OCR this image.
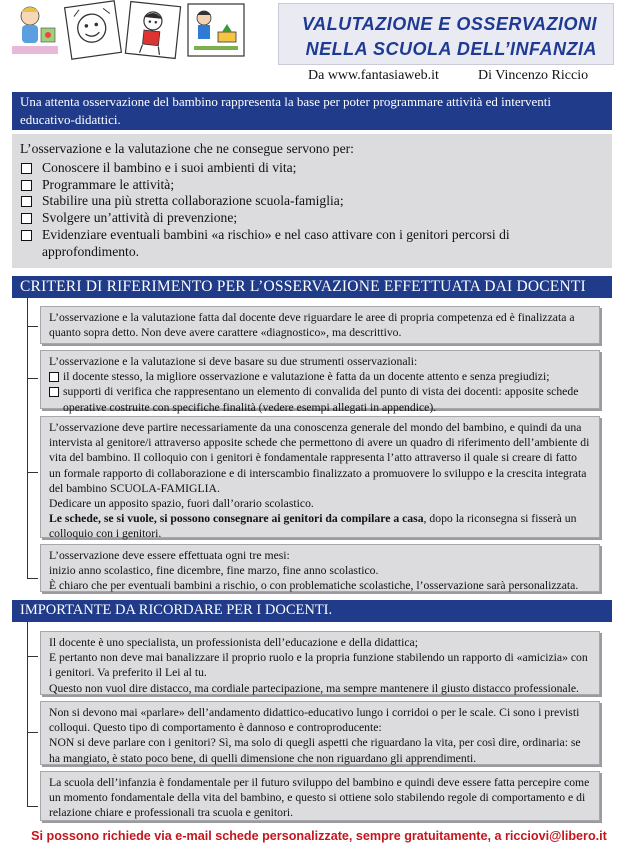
VALUTAZIONE E OSSERVAZIONI
NELLA SCUOLA DELL’INFANZIA
Da www.fantasiaweb.it	Di Vincenzo Riccio
Una attenta osservazione del bambino rappresenta la base per poter programmare attività ed interventi educativo-didattici.
L’osservazione e la valutazione che ne consegue servono per:
Conoscere il bambino e i suoi ambienti di vita;
Programmare le attività;
Stabilire una più stretta collaborazione scuola-famiglia;
Svolgere un’attività di prevenzione;
Evidenziare eventuali bambini «a rischio» e nel caso attivare con i genitori percorsi di approfondimento.
CRITERI DI RIFERIMENTO PER L’OSSERVAZIONE EFFETTUATA DAI DOCENTI

L’osservazione e la valutazione fatta dal docente deve riguardare le aree di propria competenza ed è finalizzata a quanto sopra detto. Non deve avere carattere «diagnostico», ma descrittivo.

L’osservazione e la valutazione si deve basare su due strumenti osservazionali:

il docente stesso, la migliore osservazione e valutazione è fatta da un docente attento e senza pregiudizi;
supporti di verifica che rappresentano un elemento di convalida del punto di vista dei docenti: apposite schede operative costruite con specifiche finalità (vedere esempi allegati in appendice).

L’osservazione deve partire necessariamente da una conoscenza generale del mondo del bambino, e quindi da una intervista al genitore/i attraverso apposite schede che permettono di avere un quadro di riferimento dell’ambiente di vita del bambino. Il colloquio con i genitori è fondamentale rappresenta l’atto attraverso il quale si creare di fatto un formale rapporto di collaborazione e di interscambio finalizzato a promuovere lo sviluppo e la crescita integrata del bambino SCUOLA-FAMIGLIA.

Dedicare un apposito spazio, fuori dall’orario scolastico.

Le schede, se si vuole, si possono consegnare ai genitori da compilare a casa, dopo la riconsegna si fisserà un colloquio con i genitori.

L’osservazione deve essere effettuata ogni tre mesi:

inizio anno scolastico, fine dicembre, fine marzo, fine anno scolastico.

È chiaro che per eventuali bambini a rischio, o con problematiche scolastiche, l’osservazione sarà personalizzata.

IMPORTANTE DA RICORDARE PER I DOCENTI.

Il docente è uno specialista, un professionista dell’educazione e della didattica;

E pertanto non deve mai banalizzare il proprio ruolo e la propria funzione stabilendo un rapporto di «amicizia» con i genitori. Va preferito il Lei al tu.

Questo non vuol dire distacco, ma cordiale partecipazione, ma sempre mantenere il giusto distacco professionale.

Non si devono mai «parlare» dell’andamento didattico-educativo lungo i corridoi o per le scale. Ci sono i previsti colloqui. Questo tipo di comportamento è dannoso e controproducente:

NON si deve parlare con i genitori? Sì, ma solo di quegli aspetti che riguardano la vita, per così dire, ordinaria: se ha mangiato, è stato poco bene, di quelli dimensione che non riguardano gli apprendimenti.

La scuola dell’infanzia è fondamentale per il futuro sviluppo del bambino e quindi deve essere fatta percepire come un momento fondamentale della vita del bambino, e questo si ottiene solo stabilendo regole di comportamento e di relazione chiare e professionali tra scuola e genitori.

Si possono richiede via e-mail schede personalizzate, sempre gratuitamente, a ricciovi@libero.it
